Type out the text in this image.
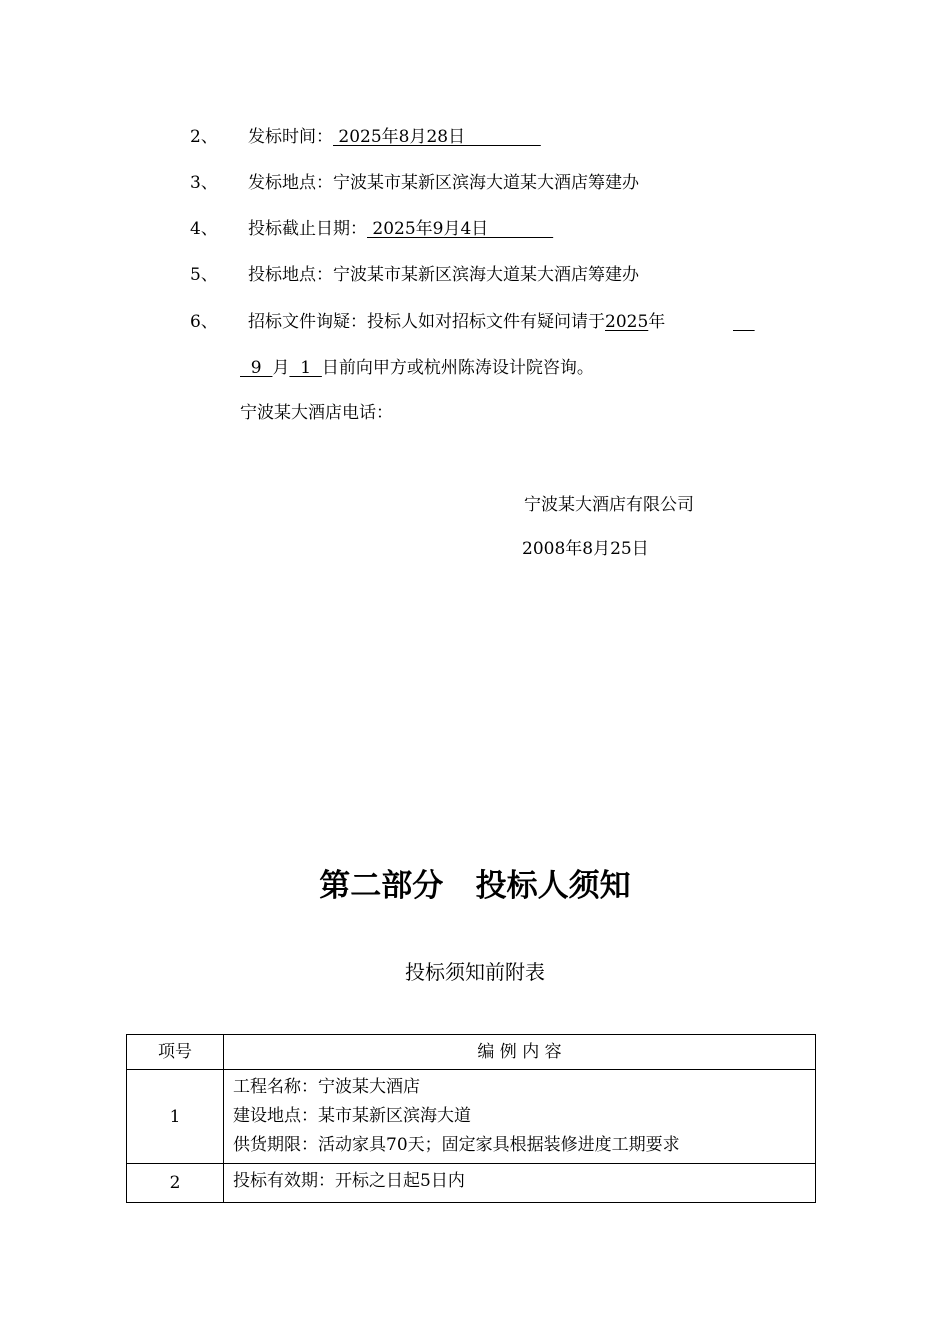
2、 发标时间： 2025年8月28日
3、 发标地点：宁波某市某新区滨海大道某大酒店筹建办
4、 投标截止日期： 2025年9月4日
5、 投标地点：宁波某市某新区滨海大道某大酒店筹建办
6、 招标文件询疑：投标人如对招标文件有疑问请于2025年

9  月  1  日前向甲方或杭州陈涛设计院咨询。
宁波某大酒店电话：
宁波某大酒店有限公司
2008年8月25日
第二部分   投标人须知
投标须知前附表
项号	编 例 内 容
1	工程名称：宁波某大酒店
建设地点：某市某新区滨海大道
供货期限：活动家具70天；固定家具根据装修进度工期要求

2	投标有效期：开标之日起5日内
